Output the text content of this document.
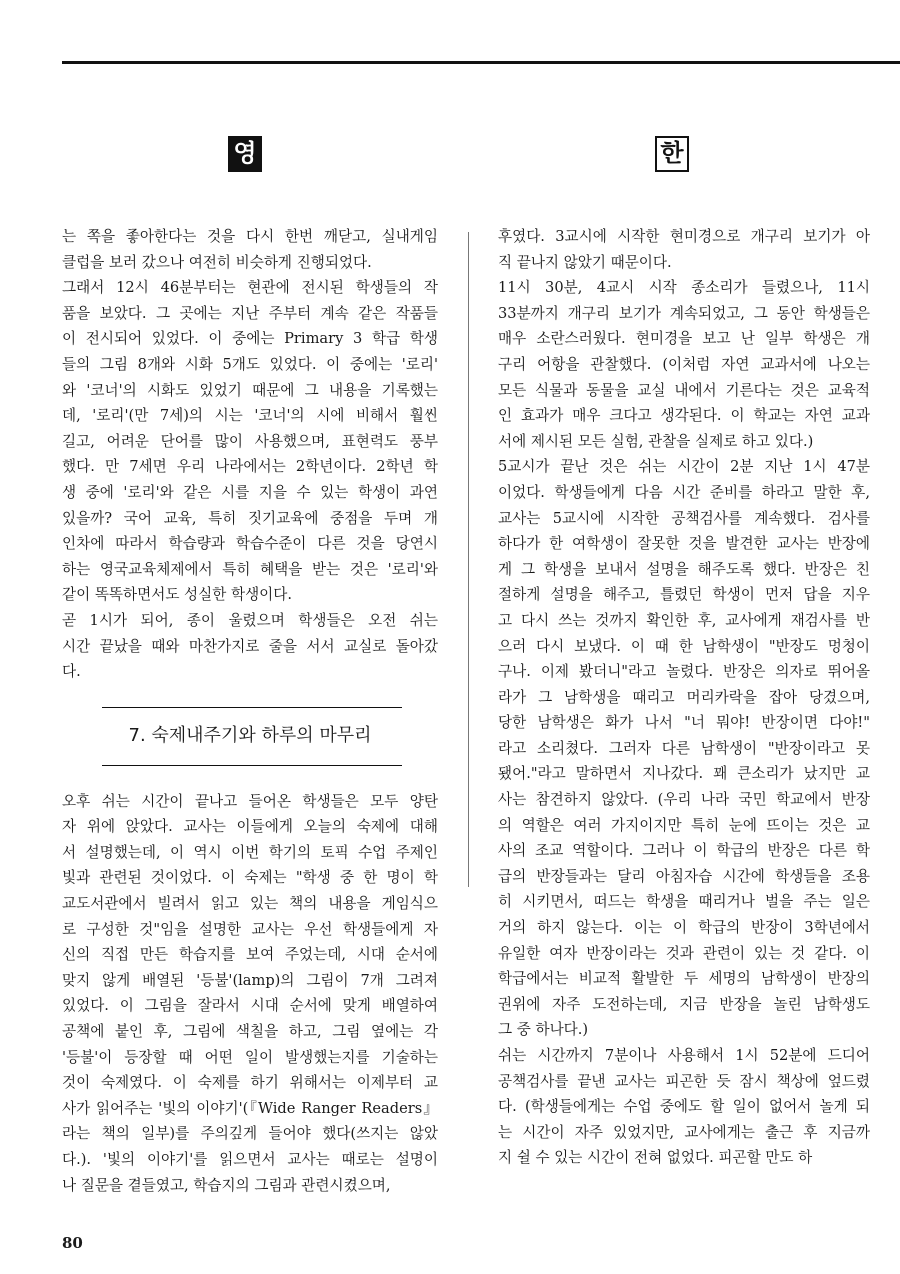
영	한
는 쪽을 좋아한다는 것을 다시 한번 깨닫고, 실내게임
클럽을 보러 갔으나 여전히 비슷하게 진행되었다.
그래서 12시 46분부터는 현관에 전시된 학생들의 작
품을 보았다. 그 곳에는 지난 주부터 계속 같은 작품들
이 전시되어 있었다. 이 중에는 Primary 3 학급 학생
들의 그림 8개와 시화 5개도 있었다. 이 중에는 '로리'
와 '코너'의 시화도 있었기 때문에 그 내용을 기록했는
데, '로리'(만 7세)의 시는 '코너'의 시에 비해서 훨씬
길고, 어려운 단어를 많이 사용했으며, 표현력도 풍부
했다. 만 7세면 우리 나라에서는 2학년이다. 2학년 학
생 중에 '로리'와 같은 시를 지을 수 있는 학생이 과연
있을까? 국어 교육, 특히 짓기교육에 중점을 두며 개
인차에 따라서 학습량과 학습수준이 다른 것을 당연시
하는 영국교육체제에서 특히 혜택을 받는 것은 '로리'와
같이 똑똑하면서도 성실한 학생이다.
곧 1시가 되어, 종이 울렸으며 학생들은 오전 쉬는
시간 끝났을 때와 마찬가지로 줄을 서서 교실로 돌아갔
다.
7. 숙제내주기와 하루의 마무리
오후 쉬는 시간이 끝나고 들어온 학생들은 모두 양탄
자 위에 앉았다. 교사는 이들에게 오늘의 숙제에 대해
서 설명했는데, 이 역시 이번 학기의 토픽 수업 주제인
빛과 관련된 것이었다. 이 숙제는 "학생 중 한 명이 학
교도서관에서 빌려서 읽고 있는 책의 내용을 게임식으
로 구성한 것"임을 설명한 교사는 우선 학생들에게 자
신의 직접 만든 학습지를 보여 주었는데, 시대 순서에
맞지 않게 배열된 '등불'(lamp)의 그림이 7개 그려져
있었다. 이 그림을 잘라서 시대 순서에 맞게 배열하여
공책에 붙인 후, 그림에 색칠을 하고, 그림 옆에는 각
'등불'이 등장할 때 어떤 일이 발생했는지를 기술하는
것이 숙제였다. 이 숙제를 하기 위해서는 이제부터 교
사가 읽어주는 '빛의 이야기'(『Wide Ranger Readers』
라는 책의 일부)를 주의깊게 들어야 했다(쓰지는 않았
다.). '빛의 이야기'를 읽으면서 교사는 때로는 설명이
나 질문을 곁들였고, 학습지의 그림과 관련시켰으며,
후였다. 3교시에 시작한 현미경으로 개구리 보기가 아
직 끝나지 않았기 때문이다.
11시 30분, 4교시 시작 종소리가 들렸으나, 11시
33분까지 개구리 보기가 계속되었고, 그 동안 학생들은
매우 소란스러웠다. 현미경을 보고 난 일부 학생은 개
구리 어항을 관찰했다. (이처럼 자연 교과서에 나오는
모든 식물과 동물을 교실 내에서 기른다는 것은 교육적
인 효과가 매우 크다고 생각된다. 이 학교는 자연 교과
서에 제시된 모든 실험, 관찰을 실제로 하고 있다.)
5교시가 끝난 것은 쉬는 시간이 2분 지난 1시 47분
이었다. 학생들에게 다음 시간 준비를 하라고 말한 후,
교사는 5교시에 시작한 공책검사를 계속했다. 검사를
하다가 한 여학생이 잘못한 것을 발견한 교사는 반장에
게 그 학생을 보내서 설명을 해주도록 했다. 반장은 친
절하게 설명을 해주고, 틀렸던 학생이 먼저 답을 지우
고 다시 쓰는 것까지 확인한 후, 교사에게 재검사를 반
으러 다시 보냈다. 이 때 한 남학생이 "반장도 멍청이
구나. 이제 봤더니"라고 놀렸다. 반장은 의자로 뛰어올
라가 그 남학생을 때리고 머리카락을 잡아 당겼으며,
당한 남학생은 화가 나서 "너 뭐야! 반장이면 다야!"
라고 소리쳤다. 그러자 다른 남학생이 "반장이라고 못
됐어."라고 말하면서 지나갔다. 꽤 큰소리가 났지만 교
사는 참견하지 않았다. (우리 나라 국민 학교에서 반장
의 역할은 여러 가지이지만 특히 눈에 뜨이는 것은 교
사의 조교 역할이다. 그러나 이 학급의 반장은 다른 학
급의 반장들과는 달리 아침자습 시간에 학생들을 조용
히 시키면서, 떠드는 학생을 때리거나 벌을 주는 일은
거의 하지 않는다. 이는 이 학급의 반장이 3학년에서
유일한 여자 반장이라는 것과 관련이 있는 것 같다. 이
학급에서는 비교적 활발한 두 세명의 남학생이 반장의
권위에 자주 도전하는데, 지금 반장을 놀린 남학생도
그 중 하나다.)
쉬는 시간까지 7분이나 사용해서 1시 52분에 드디어
공책검사를 끝낸 교사는 피곤한 듯 잠시 책상에 엎드렸
다. (학생들에게는 수업 중에도 할 일이 없어서 놀게 되
는 시간이 자주 있었지만, 교사에게는 출근 후 지금까
지 쉴 수 있는 시간이 전혀 없었다. 피곤할 만도 하
80
